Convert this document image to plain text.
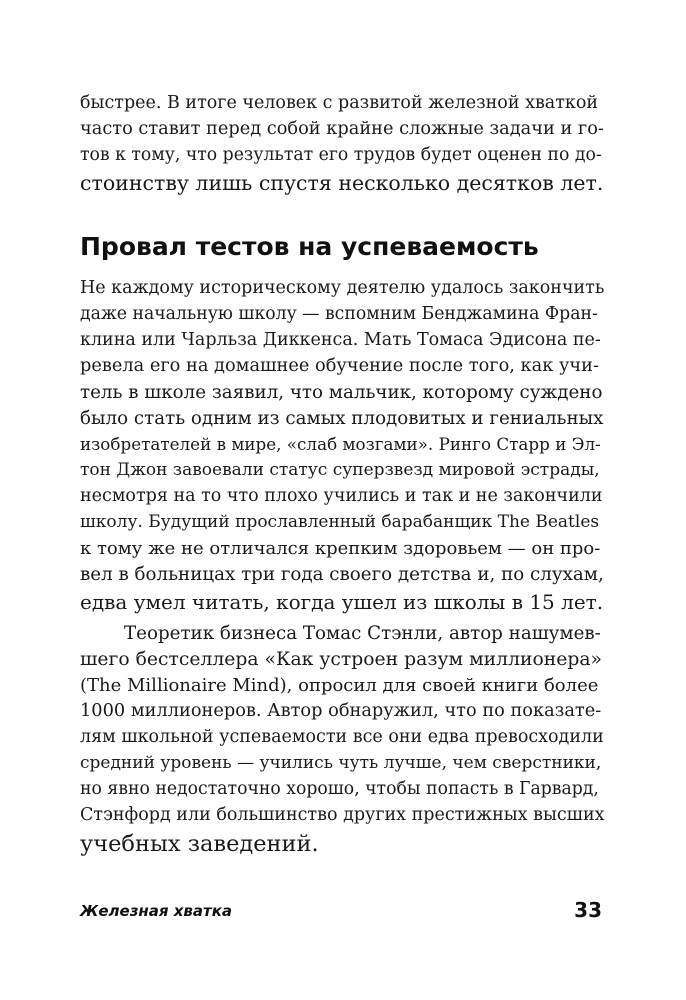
быстрее. В итоге человек с развитой железной хваткой

часто ставит перед собой крайне сложные задачи и го-

тов к тому, что результат его трудов будет оценен по до-

стоинству лишь спустя несколько десятков лет.

Провал тестов на успеваемость

Не каждому историческому деятелю удалось закончить

даже начальную школу — вспомним Бенджамина Фран-

клина или Чарльза Диккенса. Мать Томаса Эдисона пе-

ревела его на домашнее обучение после того, как учи-

тель в школе заявил, что мальчик, которому суждено

было стать одним из самых плодовитых и гениальных

изобретателей в мире, «слаб мозгами». Ринго Старр и Эл-

тон Джон завоевали статус суперзвезд мировой эстрады,

несмотря на то что плохо учились и так и не закончили

школу. Будущий прославленный барабанщик The Beatles

к тому же не отличался крепким здоровьем — он про-

вел в больницах три года своего детства и, по слухам,

едва умел читать, когда ушел из школы в 15 лет.

Теоретик бизнеса Томас Стэнли, автор нашумев-

шего бестселлера «Как устроен разум миллионера»

(The Millionaire Mind), опросил для своей книги более

1000 миллионеров. Автор обнаружил, что по показате-

лям школьной успеваемости все они едва превосходили

средний уровень — учились чуть лучше, чем сверстники,

но явно недостаточно хорошо, чтобы попасть в Гарвард,

Стэнфорд или большинство других престижных высших

учебных заведений.

Железная хватка	33
